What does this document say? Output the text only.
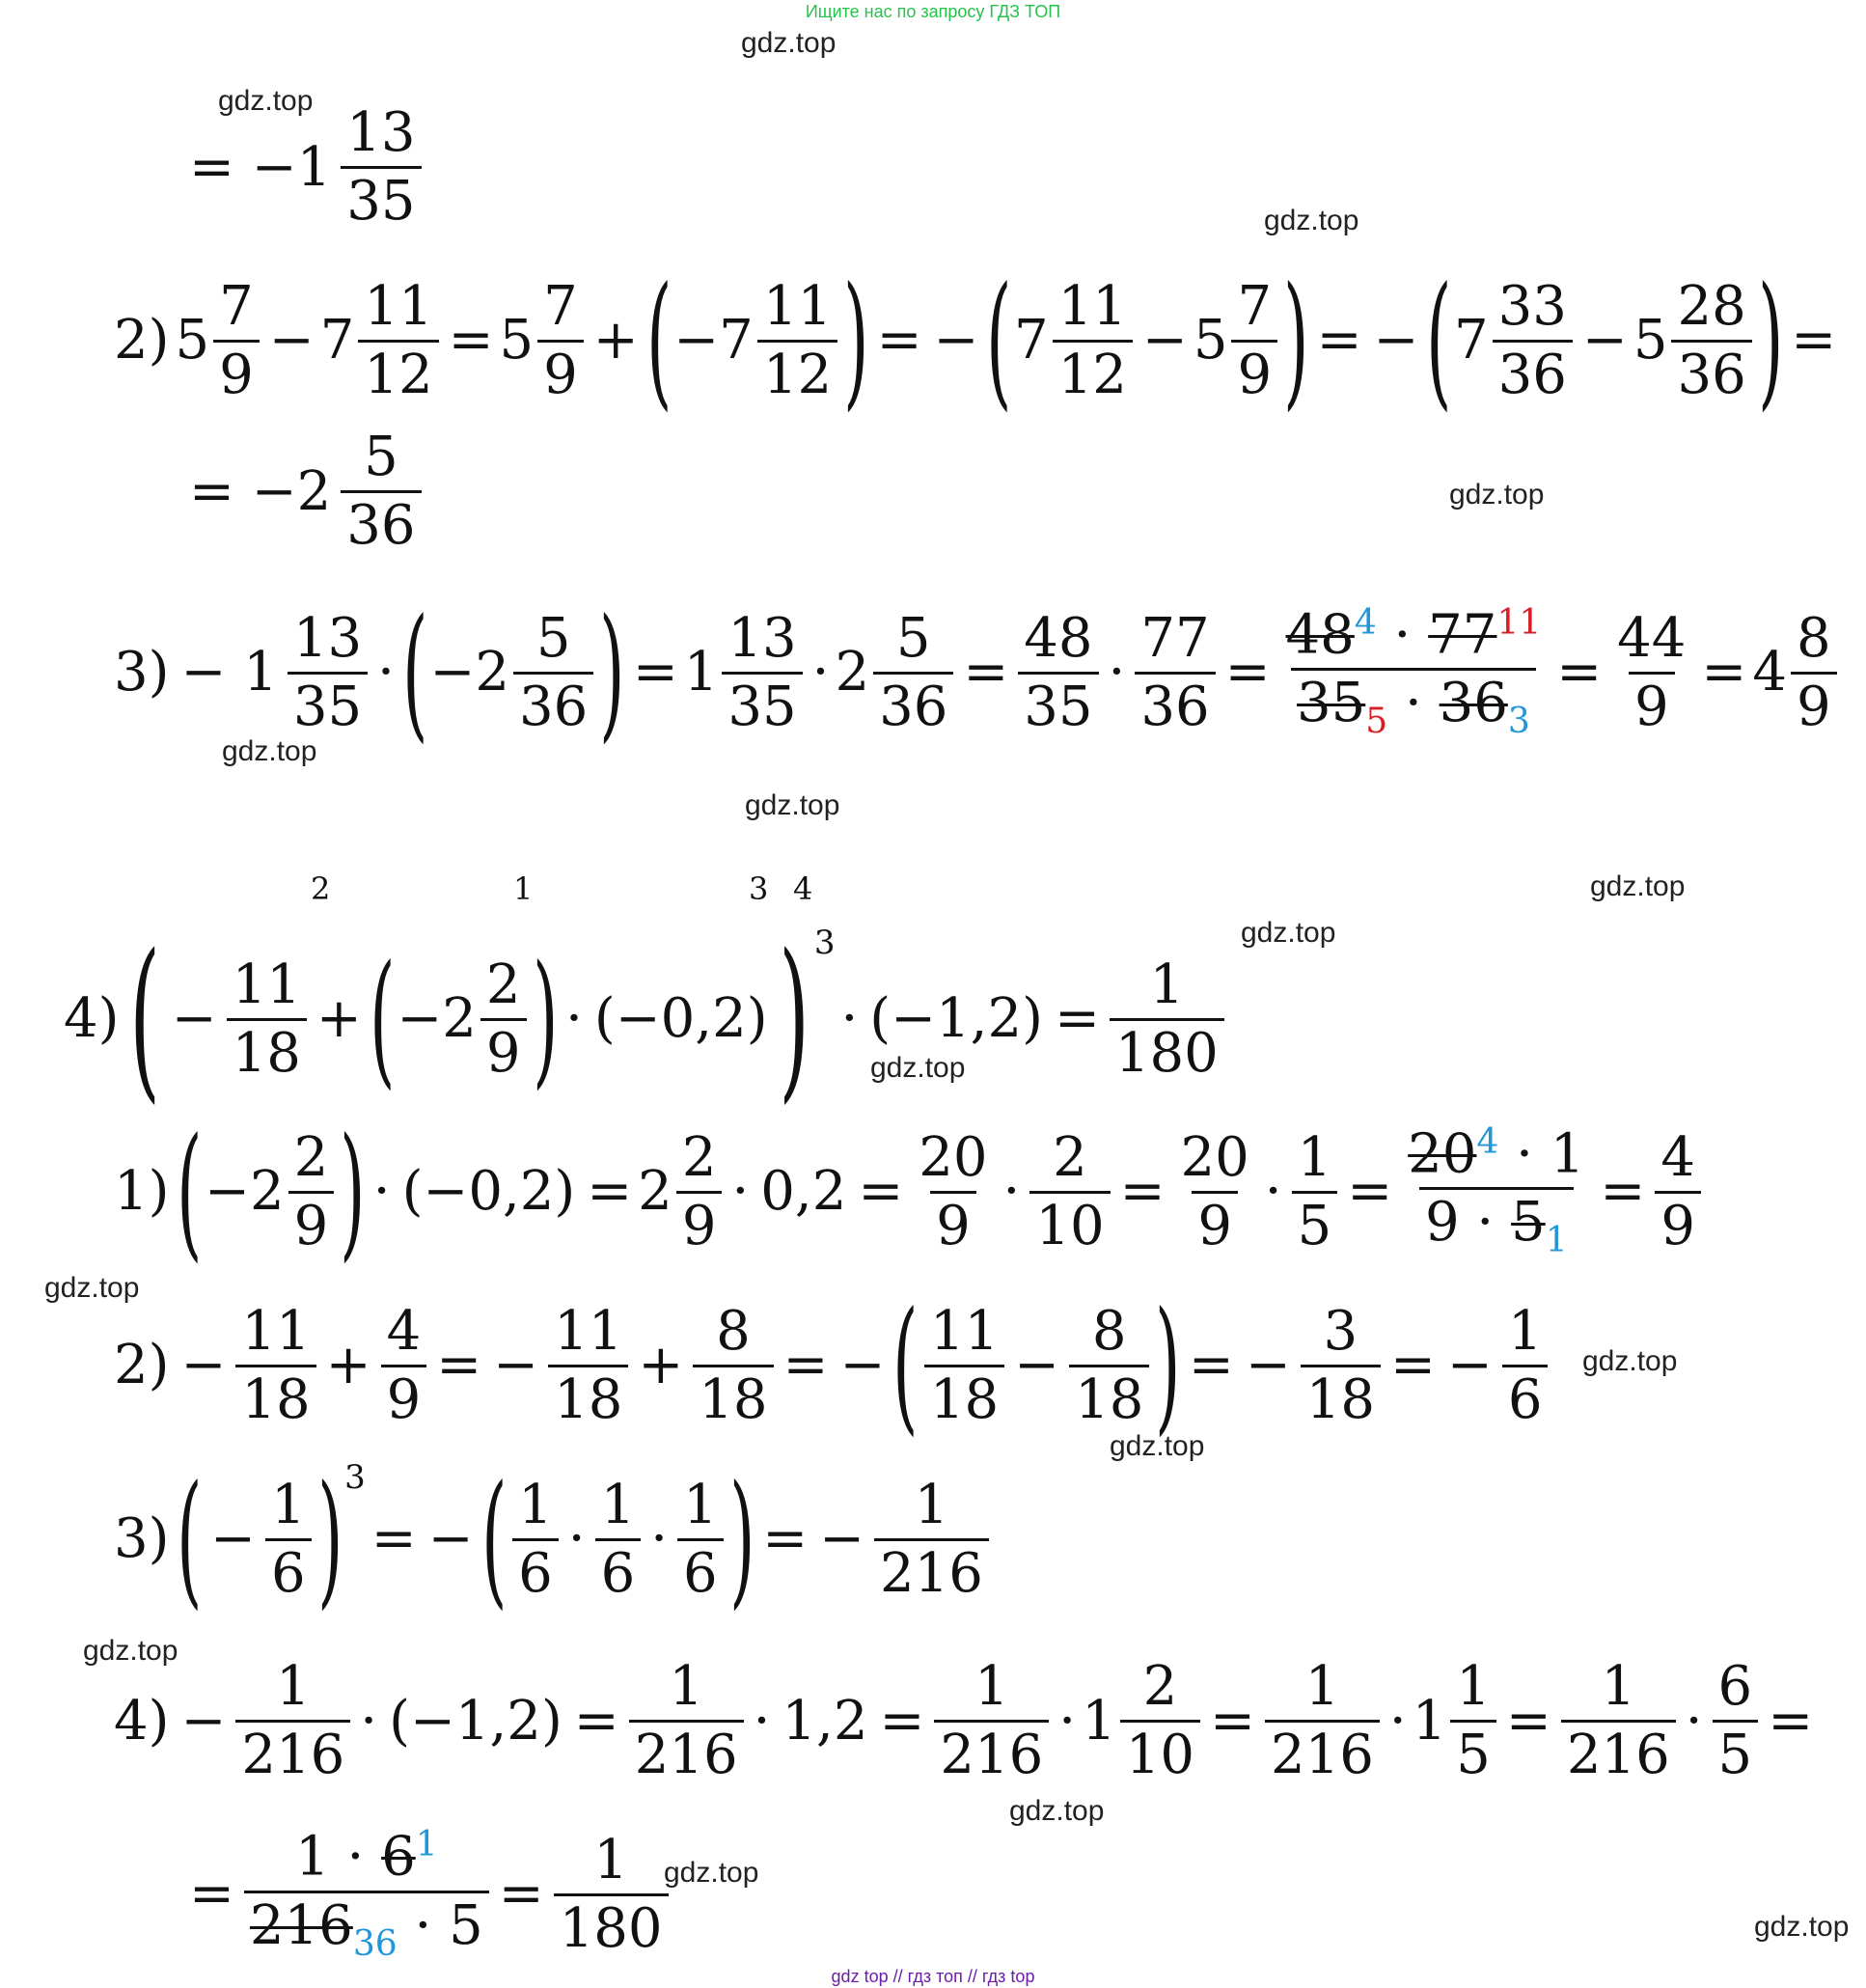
Ищите нас по запросу ГДЗ ТОП
gdz.top
gdz.top
gdz.top
gdz.top
gdz.top
gdz.top
gdz.top
gdz.top
gdz.top
gdz.top
gdz.top
gdz.top
gdz.top
gdz.top
gdz.top
gdz.top
= $-1 \frac{13}{35}$
2) $5 \frac{7}{9} - 7 \frac{11}{12} = 5 \frac{7}{9}$ + ( $-7 \frac{11}{12}$ ) = − ( $7 \frac{11}{12} - 5 \frac{7}{9}$ ) = − ( $7 \frac{33}{36} - 5 \frac{28}{36}$ ) =
= $-2 \frac{5}{36}$
$3) - 1 \frac{13}{35}$ · ( $-2 \frac{5}{36}$ ) = $1 \frac{13}{35} \cdot 2 \frac{5}{36} = \frac{48}{35} \cdot \frac{77}{36} = \frac{48^4 \cdot 77^{11}}{35_5 \cdot 36_3} = \frac{44}{9} = 4 \frac{8}{9}$
2	1	3 4
4) ( − $\frac{11}{18}$ + ( $-2 \frac{2}{9}$ ) · (−0,2) ) 3
· $(-1,2) = \frac{1}{180}$
1) ( $-2 \frac{2}{9}$ ) · $(-0,2) = 2 \frac{2}{9} \cdot 0,2 = \frac{20}{9} \cdot \frac{2}{10} = \frac{20}{9} \cdot \frac{1}{5} = \frac{20^4 \cdot 1}{9 \cdot 5_1} = \frac{4}{9}$
$2) - \frac{11}{18} + \frac{4}{9}$ = − $\frac{11}{18} + \frac{8}{18}$ = − ( $\frac{11}{18} - \frac{8}{18}$ ) = − $\frac{3}{18}$ = − $\frac{1}{6}$
3) ( − $\frac{1}{6}$ ) 3
= − ( $\frac{1}{6} \cdot \frac{1}{6} \cdot \frac{1}{6}$ ) = − $\frac{1}{216}$
$4) - \frac{1}{216} \cdot (-1,2) = \frac{1}{216} \cdot 1,2 = \frac{1}{216} \cdot 1 \frac{2}{10} = \frac{1}{216} \cdot 1 \frac{1}{5} = \frac{1}{216} \cdot \frac{6}{5}$ =
= $\frac{1 \cdot 6^1}{216_{36} \cdot 5} = \frac{1}{180}$
gdz top // гдз топ // гдз top
